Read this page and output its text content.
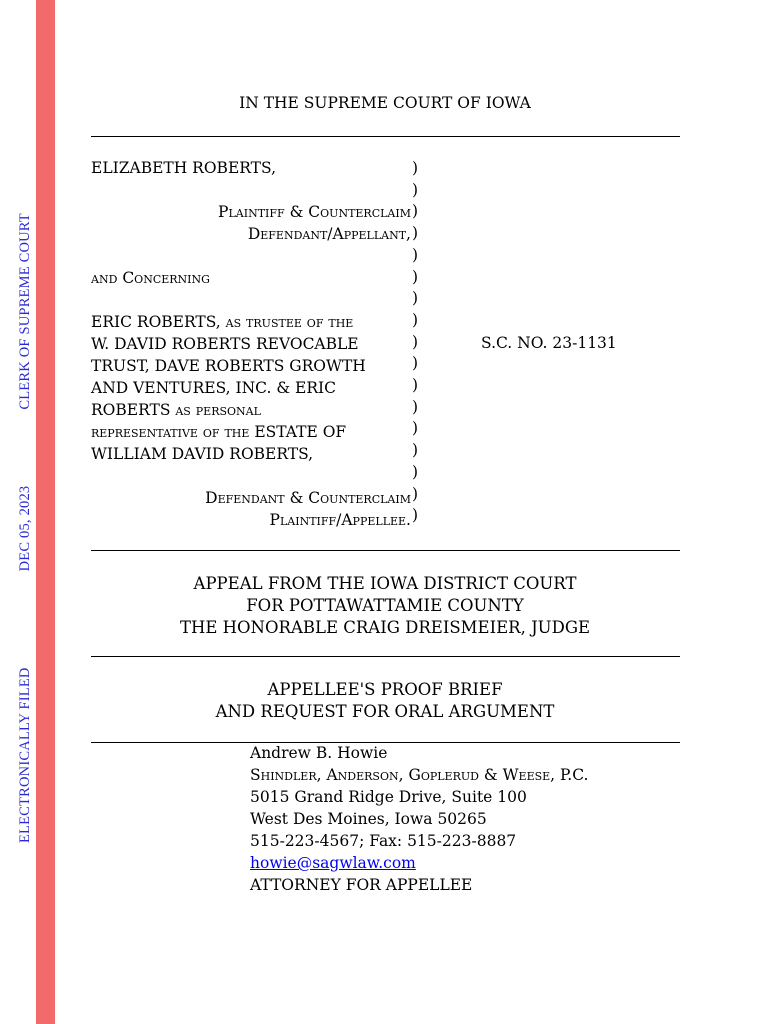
ELECTRONICALLY FILEDDEC 05, 2023CLERK OF SUPREME COURT
IN THE SUPREME COURT OF IOWA
ELIZABETH ROBERTS,
Plaintiff & Counterclaim
Defendant/Appellant,
and Concerning
ERIC ROBERTS, as trustee of the
W. DAVID ROBERTS REVOCABLE
TRUST, DAVE ROBERTS GROWTH
AND VENTURES, INC. & ERIC
ROBERTS as personal
representative of the ESTATE OF
WILLIAM DAVID ROBERTS,
Defendant & Counterclaim
Plaintiff/Appellee.
)
)
)
)
)
)
)
)
)
)
)
)
)
)
)
)
)
S.C. NO. 23-1131
APPEAL FROM THE IOWA DISTRICT COURT
FOR POTTAWATTAMIE COUNTY
THE HONORABLE CRAIG DREISMEIER, JUDGE
APPELLEE'S PROOF BRIEF
AND REQUEST FOR ORAL ARGUMENT
Andrew B. Howie
Shindler, Anderson, Goplerud & Weese, P.C.
5015 Grand Ridge Drive, Suite 100
West Des Moines, Iowa 50265
515-223-4567; Fax: 515-223-8887
howie@sagwlaw.com
ATTORNEY FOR APPELLEE
